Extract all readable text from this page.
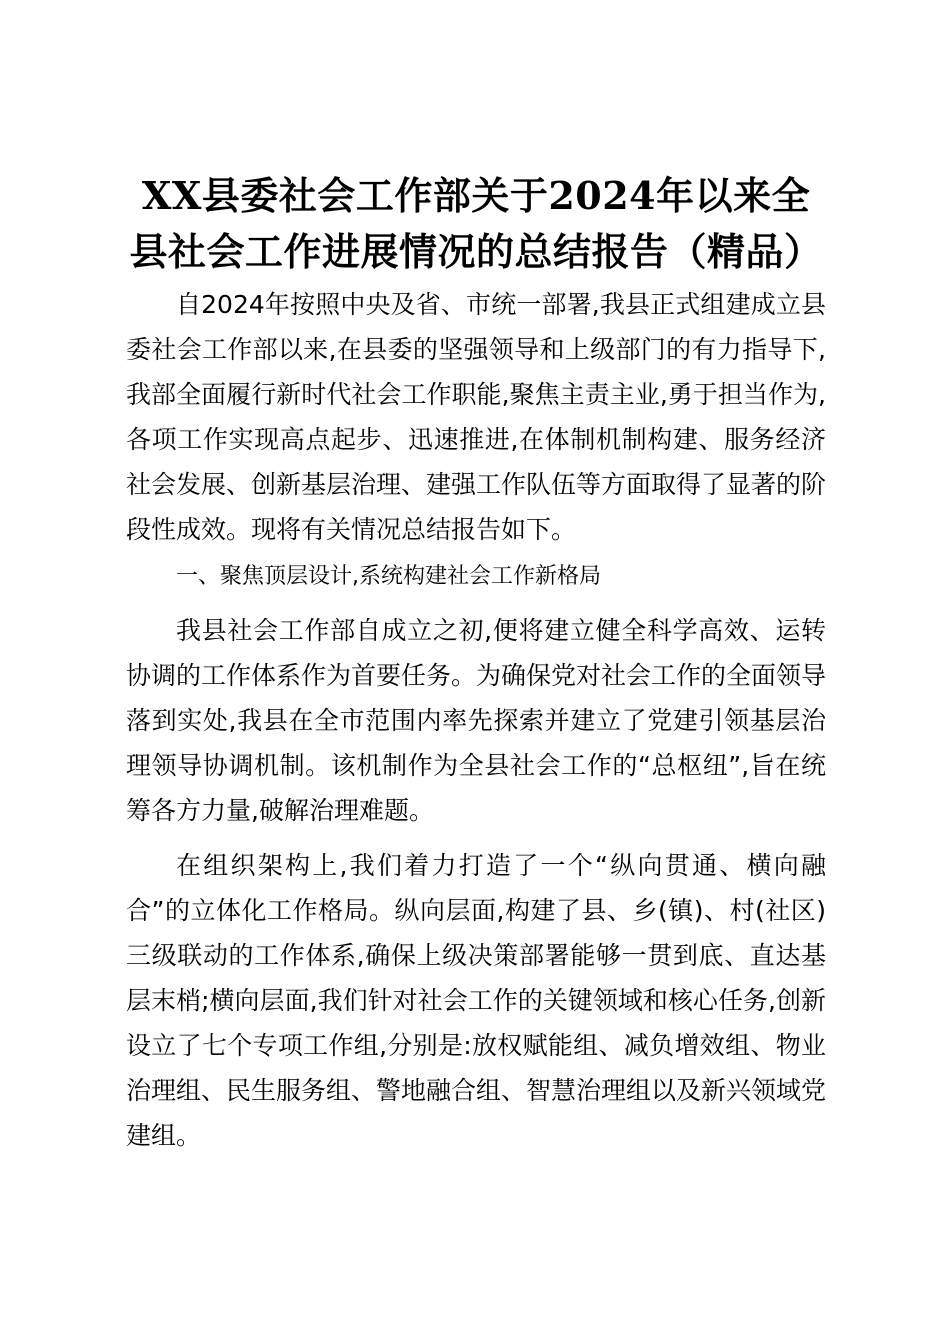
XX县委社会工作部关于2024年以来全县社会工作进展情况的总结报告（精品）

自2024年按照中央及省、市统一部署,我县正式组建成立县委社会工作部以来,在县委的坚强领导和上级部门的有力指导下,我部全面履行新时代社会工作职能,聚焦主责主业,勇于担当作为,各项工作实现高点起步、迅速推进,在体制机制构建、服务经济社会发展、创新基层治理、建强工作队伍等方面取得了显著的阶段性成效。现将有关情况总结报告如下。

一、聚焦顶层设计,系统构建社会工作新格局

我县社会工作部自成立之初,便将建立健全科学高效、运转协调的工作体系作为首要任务。为确保党对社会工作的全面领导落到实处,我县在全市范围内率先探索并建立了党建引领基层治理领导协调机制。该机制作为全县社会工作的“总枢纽”,旨在统筹各方力量,破解治理难题。

在组织架构上,我们着力打造了一个“纵向贯通、横向融合”的立体化工作格局。纵向层面,构建了县、乡(镇)、村(社区)三级联动的工作体系,确保上级决策部署能够一贯到底、直达基层末梢;横向层面,我们针对社会工作的关键领域和核心任务,创新设立了七个专项工作组,分别是:放权赋能组、减负增效组、物业治理组、民生服务组、警地融合组、智慧治理组以及新兴领域党建组。
